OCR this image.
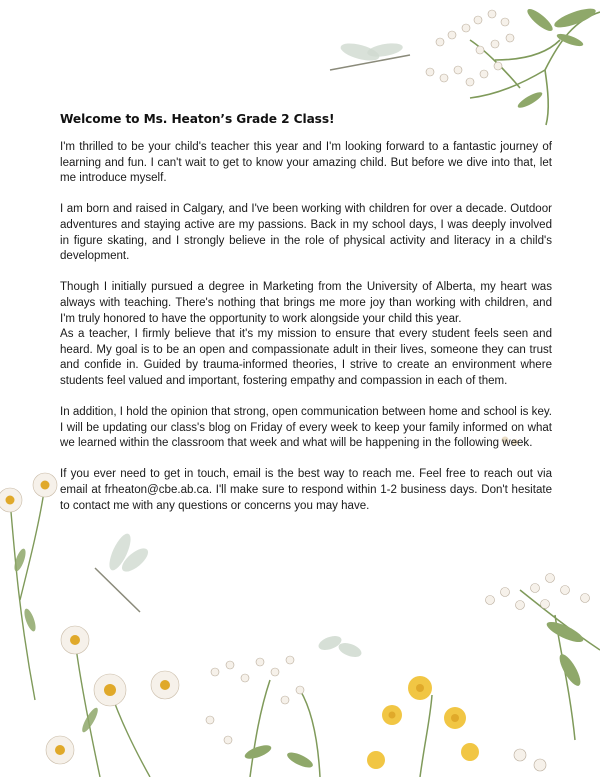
Welcome to Ms. Heaton’s Grade 2 Class!

I'm thrilled to be your child's teacher this year and I'm looking forward to a fantastic journey of learning and fun. I can't wait to get to know your amazing child. But before we dive into that, let me introduce myself.

I am born and raised in Calgary, and I've been working with children for over a decade. Outdoor adventures and staying active are my passions. Back in my school days, I was deeply involved in figure skating, and I strongly believe in the role of physical activity and literacy in a child's development.

Though I initially pursued a degree in Marketing from the University of Alberta, my heart was always with teaching. There's nothing that brings me more joy than working with children, and I'm truly honored to have the opportunity to work alongside your child this year.

As a teacher, I firmly believe that it's my mission to ensure that every student feels seen and heard. My goal is to be an open and compassionate adult in their lives, someone they can trust and confide in. Guided by trauma-informed theories, I strive to create an environment where students feel valued and important, fostering empathy and compassion in each of them.

In addition, I hold the opinion that strong, open communication between home and school is key. I will be updating our class's blog on Friday of every week to keep your family informed on what we learned within the classroom that week and what will be happening in the following week.

If you ever need to get in touch, email is the best way to reach me. Feel free to reach out via email at frheaton@cbe.ab.ca. I'll make sure to respond within 1-2 business days. Don't hesitate to contact me with any questions or concerns you may have.
